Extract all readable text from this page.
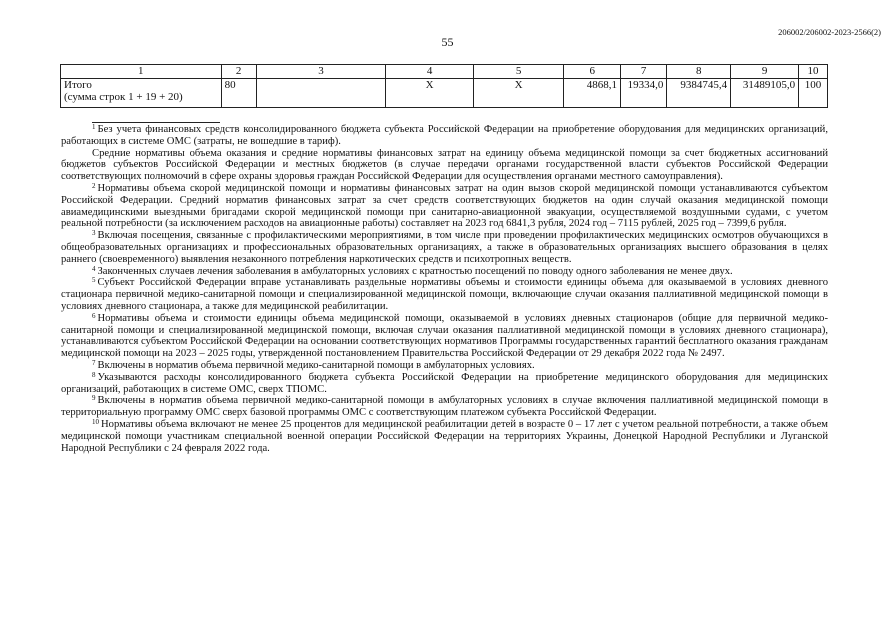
206002/206002-2023-2566(2)
55
1	2	3	4	5	6	7	8	9	10

Итого
(сумма строк 1 + 19 + 20)	80		Х	Х	4868,1	19334,0	9384745,4	31489105,0	100

$^1$ Без учета финансовых средств консолидированного бюджета субъекта Российской Федерации на приобретение оборудования для медицинских организаций, работающих в системе ОМС (затраты, не вошедшие в тариф).

Средние нормативы объема оказания и средние нормативы финансовых затрат на единицу объема медицинской помощи за счет бюджетных ассигнований бюджетов субъектов Российской Федерации и местных бюджетов (в случае передачи органами государственной власти субъектов Российской Федерации соответствующих полномочий в сфере охраны здоровья граждан Российской Федерации для осуществления органами местного самоуправления).

$^2$ Нормативы объема скорой медицинской помощи и нормативы финансовых затрат на один вызов скорой медицинской помощи устанавливаются субъектом Российской Федерации. Средний норматив финансовых затрат за счет средств соответствующих бюджетов на один случай оказания медицинской помощи авиамедицинскими выездными бригадами скорой медицинской помощи при санитарно-авиационной эвакуации, осуществляемой воздушными судами, с учетом реальной потребности (за исключением расходов на авиационные работы) составляет на 2023 год 6841,3 рубля, 2024 год – 7115 рублей, 2025 год – 7399,6 рубля.

$^3$ Включая посещения, связанные с профилактическими мероприятиями, в том числе при проведении профилактических медицинских осмотров обучающихся в общеобразовательных организациях и профессиональных образовательных организациях, а также в образовательных организациях высшего образования в целях раннего (своевременного) выявления незаконного потребления наркотических средств и психотропных веществ.

$^4$ Законченных случаев лечения заболевания в амбулаторных условиях с кратностью посещений по поводу одного заболевания не менее двух.

$^5$ Субъект Российской Федерации вправе устанавливать раздельные нормативы объемы и стоимости единицы объема для оказываемой в условиях дневного стационара первичной медико-санитарной помощи и специализированной медицинской помощи, включающие случаи оказания паллиативной медицинской помощи в условиях дневного стационара, а также для медицинской реабилитации.

$^6$ Нормативы объема и стоимости единицы объема медицинской помощи, оказываемой в условиях дневных стационаров (общие для первичной медико-санитарной помощи и специализированной медицинской помощи, включая случаи оказания паллиативной медицинской помощи в условиях дневного стационара), устанавливаются субъектом Российской Федерации на основании соответствующих нормативов Программы государственных гарантий бесплатного оказания гражданам медицинской помощи на 2023 – 2025 годы, утвержденной постановлением Правительства Российской Федерации от 29 декабря 2022 года № 2497.

$^7$ Включены в норматив объема первичной медико-санитарной помощи в амбулаторных условиях.

$^8$ Указываются расходы консолидированного бюджета субъекта Российской Федерации на приобретение медицинского оборудования для медицинских организаций, работающих в системе ОМС, сверх ТПОМС.

$^9$ Включены в норматив объема первичной медико-санитарной помощи в амбулаторных условиях в случае включения паллиативной медицинской помощи в территориальную программу ОМС сверх базовой программы ОМС с соответствующим платежом субъекта Российской Федерации.

$^{10}$ Нормативы объема включают не менее 25 процентов для медицинской реабилитации детей в возрасте 0 – 17 лет с учетом реальной потребности, а также объем медицинской помощи участникам специальной военной операции Российской Федерации на территориях Украины, Донецкой Народной Республики и Луганской Народной Республики с 24 февраля 2022 года.
